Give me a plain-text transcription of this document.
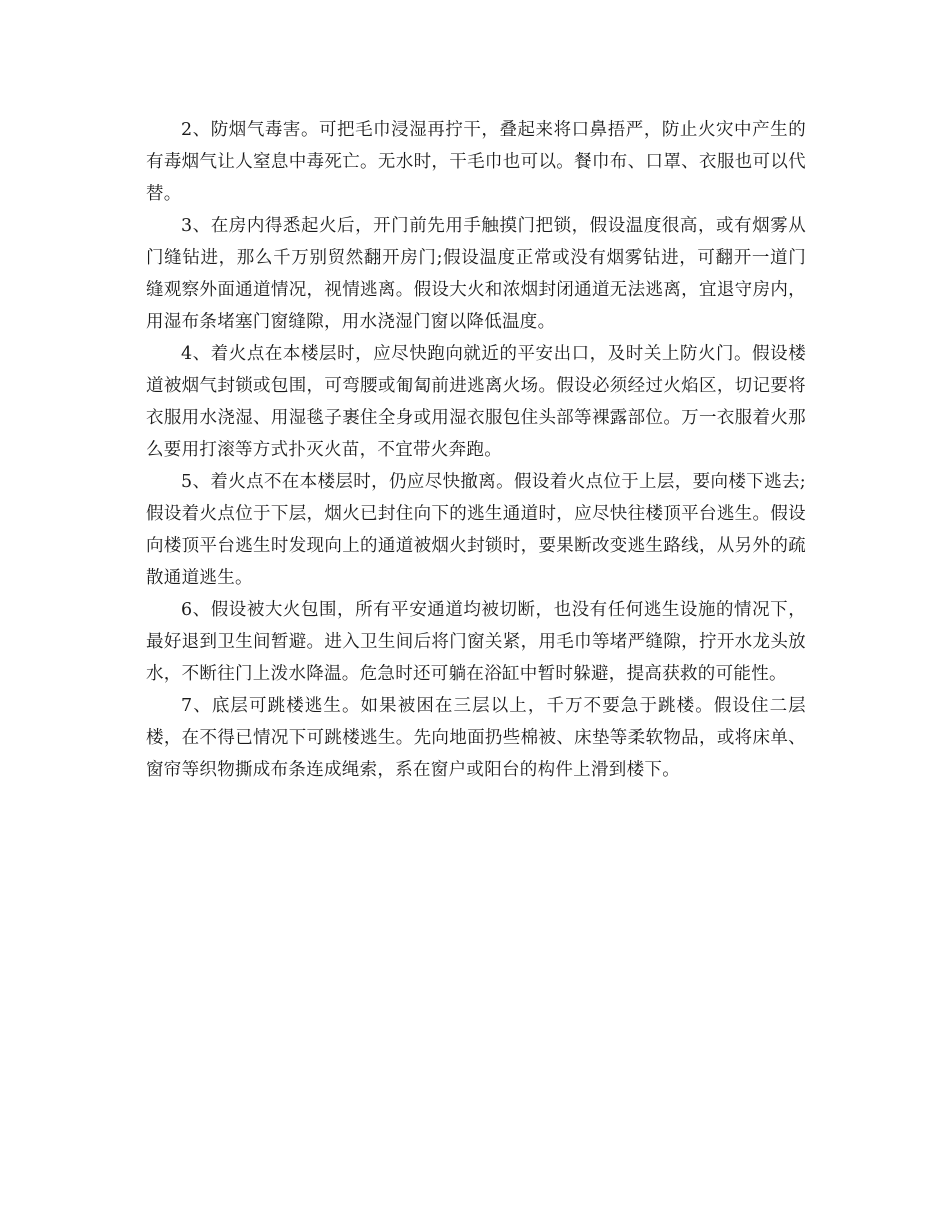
2、防烟气毒害。可把毛巾浸湿再拧干，叠起来将口鼻捂严，防止火灾中产生的有毒烟气让人窒息中毒死亡。无水时，干毛巾也可以。餐巾布、口罩、衣服也可以代替。

3、在房内得悉起火后，开门前先用手触摸门把锁，假设温度很高，或有烟雾从门缝钻进，那么千万别贸然翻开房门;假设温度正常或没有烟雾钻进，可翻开一道门缝观察外面通道情况，视情逃离。假设大火和浓烟封闭通道无法逃离，宜退守房内，用湿布条堵塞门窗缝隙，用水浇湿门窗以降低温度。

4、着火点在本楼层时，应尽快跑向就近的平安出口，及时关上防火门。假设楼道被烟气封锁或包围，可弯腰或匍匐前进逃离火场。假设必须经过火焰区，切记要将衣服用水浇湿、用湿毯子裹住全身或用湿衣服包住头部等裸露部位。万一衣服着火那么要用打滚等方式扑灭火苗，不宜带火奔跑。

5、着火点不在本楼层时，仍应尽快撤离。假设着火点位于上层，要向楼下逃去;假设着火点位于下层，烟火已封住向下的逃生通道时，应尽快往楼顶平台逃生。假设向楼顶平台逃生时发现向上的通道被烟火封锁时，要果断改变逃生路线，从另外的疏散通道逃生。

6、假设被大火包围，所有平安通道均被切断，也没有任何逃生设施的情况下，最好退到卫生间暂避。进入卫生间后将门窗关紧，用毛巾等堵严缝隙，拧开水龙头放水，不断往门上泼水降温。危急时还可躺在浴缸中暂时躲避，提高获救的可能性。

7、底层可跳楼逃生。如果被困在三层以上，千万不要急于跳楼。假设住二层楼，在不得已情况下可跳楼逃生。先向地面扔些棉被、床垫等柔软物品，或将床单、窗帘等织物撕成布条连成绳索，系在窗户或阳台的构件上滑到楼下。
